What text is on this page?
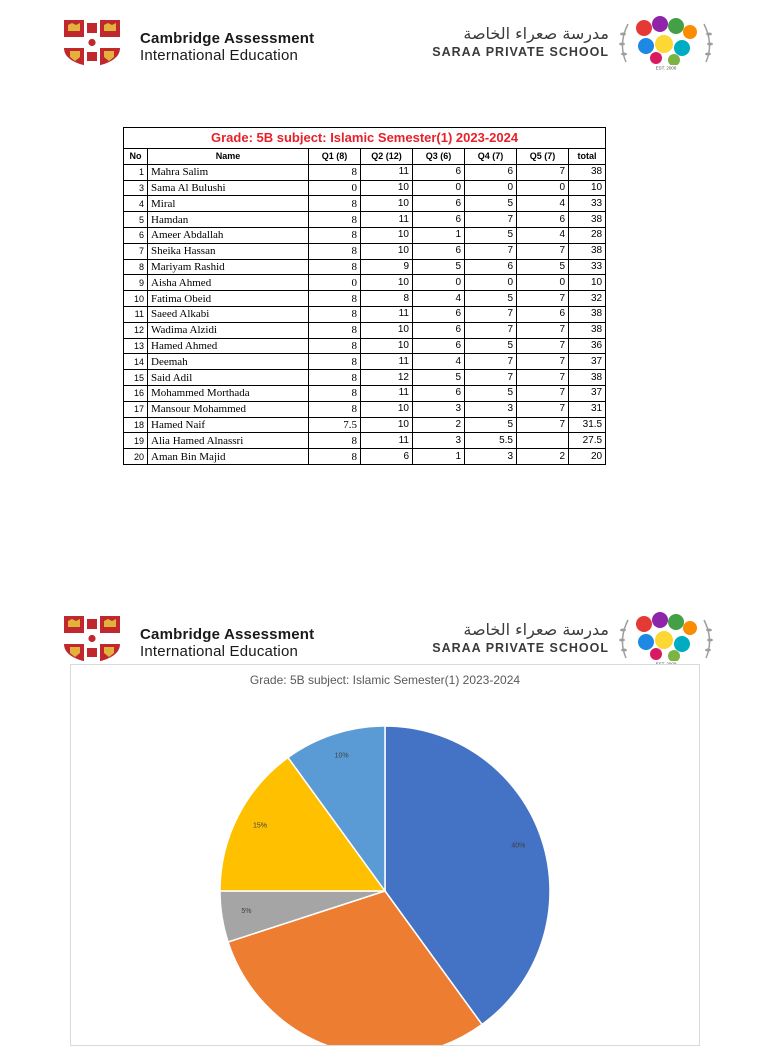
Cambridge Assessment
International Education
مدرسة صعراء الخاصة
SARAA PRIVATE SCHOOL
EST. 2008
Grade: 5B subject: Islamic Semester(1) 2023-2024							
No	Name	Q1 (8)	Q2 (12)	Q3 (6)	Q4 (7)	Q5 (7)	total
1	Mahra Salim	8	11	6	6	7	38
3	Sama Al Bulushi	0	10	0	0	0	10
4	Miral	8	10	6	5	4	33
5	Hamdan	8	11	6	7	6	38
6	Ameer Abdallah	8	10	1	5	4	28
7	Sheika Hassan	8	10	6	7	7	38
8	Mariyam Rashid	8	9	5	6	5	33
9	Aisha Ahmed	0	10	0	0	0	10
10	Fatima Obeid	8	8	4	5	7	32
11	Saeed Alkabi	8	11	6	7	6	38
12	Wadima Alzidi	8	10	6	7	7	38
13	Hamed Ahmed	8	10	6	5	7	36
14	Deemah	8	11	4	7	7	37
15	Said Adil	8	12	5	7	7	38
16	Mohammed Morthada	8	11	6	5	7	37
17	Mansour Mohammed	8	10	3	3	7	31
18	Hamed Naif	7.5	10	2	5	7	31.5
19	Alia Hamed Alnassri	8	11	3	5.5		27.5
20	Aman Bin Majid	8	6	1	3	2	20
Cambridge Assessment
International Education
مدرسة صعراء الخاصة
SARAA PRIVATE SCHOOL
Grade: 5B subject: Islamic Semester(1) 2023-2024
40%
5%
15%
10%
